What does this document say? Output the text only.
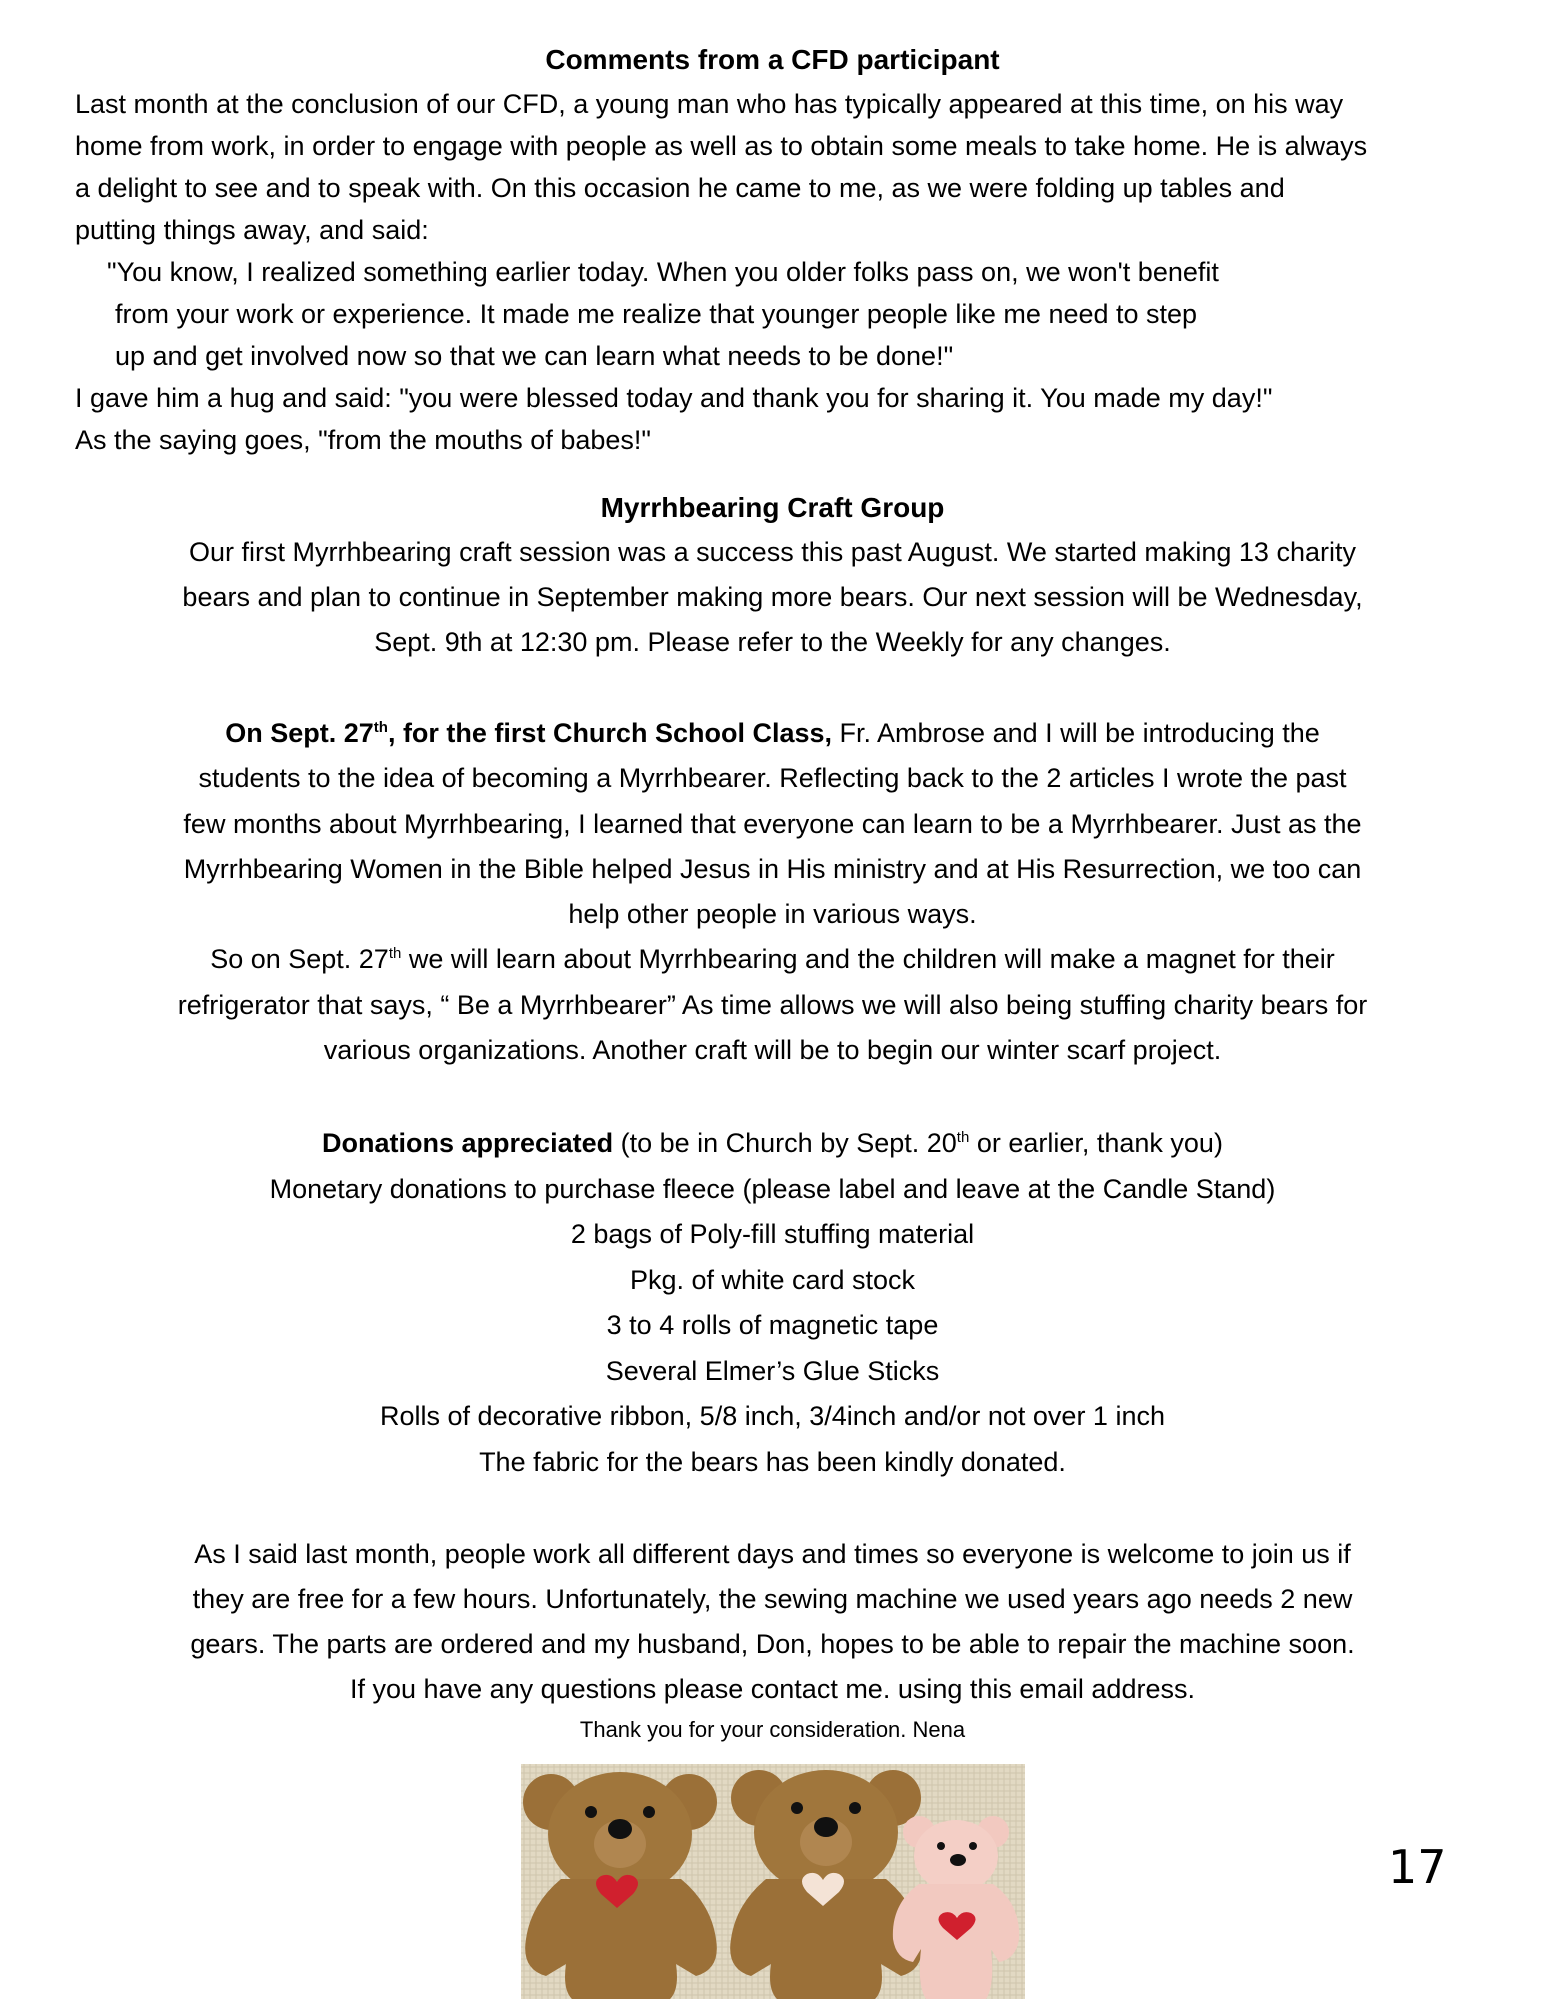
Comments from a CFD participant
Last month at the conclusion of our CFD, a young man who has typically appeared at this time, on his way
home from work, in order to engage with people as well as to obtain some meals to take home. He is always
a delight to see and to speak with. On this occasion he came to me, as we were folding up tables and
putting things away, and said:
"You know, I realized something earlier today. When you older folks pass on, we won't benefit
from your work or experience. It made me realize that younger people like me need to step
up and get involved now so that we can learn what needs to be done!"
I gave him a hug and said: "you were blessed today and thank you for sharing it. You made my day!"
As the saying goes, "from the mouths of babes!"
Myrrhbearing Craft Group
Our first Myrrhbearing craft session was a success this past August. We started making 13 charity
bears and plan to continue in September making more bears. Our next session will be Wednesday,
Sept. 9th at 12:30 pm. Please refer to the Weekly for any changes.
On Sept. 27th, for the first Church School Class, Fr. Ambrose and I will be introducing the
students to the idea of becoming a Myrrhbearer. Reflecting back to the 2 articles I wrote the past
few months about Myrrhbearing, I learned that everyone can learn to be a Myrrhbearer. Just as the
Myrrhbearing Women in the Bible helped Jesus in His ministry and at His Resurrection, we too can
help other people in various ways.
So on Sept. 27th we will learn about Myrrhbearing and the children will make a magnet for their
refrigerator that says, “ Be a Myrrhbearer” As time allows we will also being stuffing charity bears for
various organizations. Another craft will be to begin our winter scarf project.
Donations appreciated (to be in Church by Sept. 20th or earlier, thank you)
Monetary donations to purchase fleece (please label and leave at the Candle Stand)
2 bags of Poly-fill stuffing material
Pkg. of white card stock
3 to 4 rolls of magnetic tape
Several Elmer’s Glue Sticks
Rolls of decorative ribbon, 5/8 inch, 3/4inch and/or not over 1 inch
The fabric for the bears has been kindly donated.
As I said last month, people work all different days and times so everyone is welcome to join us if
they are free for a few hours. Unfortunately, the sewing machine we used years ago needs 2 new
gears. The parts are ordered and my husband, Don, hopes to be able to repair the machine soon.
If you have any questions please contact me. using this email address.
Thank you for your consideration. Nena
17
